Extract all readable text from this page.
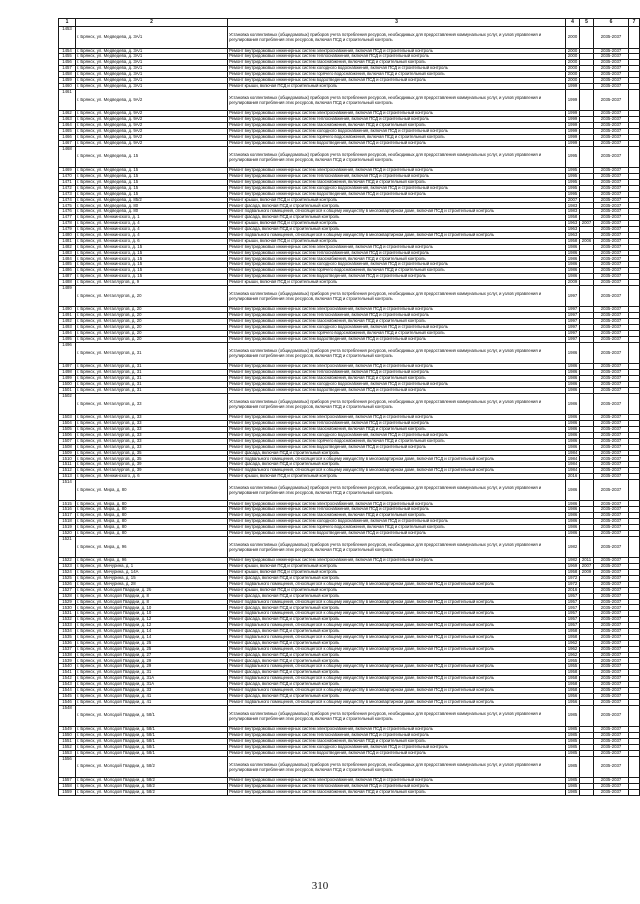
1	2	3	4	5	6	7
1453	г. Брянск, ул. Медведева, д. 3А/1	Установка коллективных (общедомовых) приборов учета потребления ресурсов, необходимых для предоставления коммунальных услуг, и узлов управления и регулирования потребления этих ресурсов, включая ПСД и строительный контроль	2000		2035-2037	
1454	г. Брянск, ул. Медведева, д. 3А/1	Ремонт внутридомовых инженерных систем электроснабжения, включая ПСД и строительный контроль	2000		2035-2037	
1455	г. Брянск, ул. Медведева, д. 3А/1	Ремонт внутридомовых инженерных систем теплоснабжения, включая ПСД и строительный контроль	2000		2035-2037	
1456	г. Брянск, ул. Медведева, д. 3А/1	Ремонт внутридомовых инженерных систем газоснабжения, включая ПСД и строительный контроль	2000		2035-2037	
1457	г. Брянск, ул. Медведева, д. 3А/1	Ремонт внутридомовых инженерных систем холодного водоснабжения, включая ПСД и строительный контроль	2000		2035-2037	
1458	г. Брянск, ул. Медведева, д. 3А/1	Ремонт внутридомовых инженерных систем горячего водоснабжения, включая ПСД и строительный контроль	2000		2035-2037	
1459	г. Брянск, ул. Медведева, д. 3А/1	Ремонт внутридомовых инженерных систем водоотведения, включая ПСД и строительный контроль	2000		2035-2037	
1460	г. Брянск, ул. Медведева, д. 3А/1	Ремонт крыши, включая ПСД и строительный контроль	1999		2035-2037	
1461	г. Брянск, ул. Медведева, д. 9А/2	Установка коллективных (общедомовых) приборов учета потребления ресурсов, необходимых для предоставления коммунальных услуг, и узлов управления и регулирования потребления этих ресурсов, включая ПСД и строительный контроль	1999		2035-2037	
1462	г. Брянск, ул. Медведева, д. 9А/2	Ремонт внутридомовых инженерных систем электроснабжения, включая ПСД и строительный контроль	1999		2035-2037	
1463	г. Брянск, ул. Медведева, д. 9А/2	Ремонт внутридомовых инженерных систем теплоснабжения, включая ПСД и строительный контроль	1999		2035-2037	
1464	г. Брянск, ул. Медведева, д. 9А/2	Ремонт внутридомовых инженерных систем газоснабжения, включая ПСД и строительный контроль	1999		2035-2037	
1465	г. Брянск, ул. Медведева, д. 9А/2	Ремонт внутридомовых инженерных систем холодного водоснабжения, включая ПСД и строительный контроль	1999		2035-2037	
1466	г. Брянск, ул. Медведева, д. 9А/2	Ремонт внутридомовых инженерных систем горячего водоснабжения, включая ПСД и строительный контроль	1999		2035-2037	
1467	г. Брянск, ул. Медведева, д. 9А/2	Ремонт внутридомовых инженерных систем водоотведения, включая ПСД и строительный контроль	1999		2035-2037	
1468	г. Брянск, ул. Медведева, д. 15	Установка коллективных (общедомовых) приборов учета потребления ресурсов, необходимых для предоставления коммунальных услуг, и узлов управления и регулирования потребления этих ресурсов, включая ПСД и строительный контроль	1995		2035-2037	
1469	г. Брянск, ул. Медведева, д. 15	Ремонт внутридомовых инженерных систем электроснабжения, включая ПСД и строительный контроль	1995		2035-2037	
1470	г. Брянск, ул. Медведева, д. 15	Ремонт внутридомовых инженерных систем теплоснабжения, включая ПСД и строительный контроль	1995		2035-2037	
1471	г. Брянск, ул. Медведева, д. 15	Ремонт внутридомовых инженерных систем газоснабжения, включая ПСД и строительный контроль	1995		2035-2037	
1472	г. Брянск, ул. Медведева, д. 15	Ремонт внутридомовых инженерных систем холодного водоснабжения, включая ПСД и строительный контроль	1995		2035-2037	
1473	г. Брянск, ул. Медведева, д. 15	Ремонт внутридомовых инженерных систем водоотведения, включая ПСД и строительный контроль	1995		2035-2037	
1474	г. Брянск, ул. Медведева, д. 85/2	Ремонт крыши, включая ПСД и строительный контроль	2007		2035-2037	
1475	г. Брянск, ул. Медведева, д. 80	Ремонт фасада, включая ПСД и строительный контроль	1983		2035-2037	
1476	г. Брянск, ул. Медведева, д. 80	Ремонт подвального помещения, относящегося к общему имуществу в многоквартирном доме, включая ПСД и строительный контроль	1983		2035-2037	
1477	г. Брянск, ул. Менжинского, д. 1	Ремонт фасада, включая ПСД и строительный контроль	1958		2035-2037	
1478	г. Брянск, ул. Менжинского, д. 4	Ремонт крыши, включая ПСД и строительный контроль	1963	2007	2035-2037	
1479	г. Брянск, ул. Менжинского, д. 4	Ремонт фасада, включая ПСД и строительный контроль	1963		2035-2037	
1480	г. Брянск, ул. Менжинского, д. 4	Ремонт подвального помещения, относящегося к общему имуществу в многоквартирном доме, включая ПСД и строительный контроль	1963		2035-2037	
1481	г. Брянск, ул. Менжинского, д. 6	Ремонт крыши, включая ПСД и строительный контроль	1958	2006	2035-2037	
1482	г. Брянск, ул. Менжинского, д. 15	Ремонт внутридомовых инженерных систем электроснабжения, включая ПСД и строительный контроль	1986		2035-2037	
1483	г. Брянск, ул. Менжинского, д. 15	Ремонт внутридомовых инженерных систем теплоснабжения, включая ПСД и строительный контроль	1986		2035-2037	
1484	г. Брянск, ул. Менжинского, д. 15	Ремонт внутридомовых инженерных систем газоснабжения, включая ПСД и строительный контроль	1986		2035-2037	
1485	г. Брянск, ул. Менжинского, д. 15	Ремонт внутридомовых инженерных систем холодного водоснабжения, включая ПСД и строительный контроль	1986		2035-2037	
1486	г. Брянск, ул. Менжинского, д. 15	Ремонт внутридомовых инженерных систем горячего водоснабжения, включая ПСД и строительный контроль	1986		2035-2037	
1487	г. Брянск, ул. Менжинского, д. 15	Ремонт внутридомовых инженерных систем водоотведения, включая ПСД и строительный контроль	1986		2035-2037	
1488	г. Брянск, ул. Металлургов, д. 9	Ремонт крыши, включая ПСД и строительный контроль	2009		2035-2037	
1489	г. Брянск, ул. Металлургов, д. 20	Установка коллективных (общедомовых) приборов учета потребления ресурсов, необходимых для предоставления коммунальных услуг, и узлов управления и регулирования потребления этих ресурсов, включая ПСД и строительный контроль	1997		2035-2037	
1490	г. Брянск, ул. Металлургов, д. 20	Ремонт внутридомовых инженерных систем электроснабжения, включая ПСД и строительный контроль	1997		2035-2037	
1491	г. Брянск, ул. Металлургов, д. 20	Ремонт внутридомовых инженерных систем теплоснабжения, включая ПСД и строительный контроль	1997		2035-2037	
1492	г. Брянск, ул. Металлургов, д. 20	Ремонт внутридомовых инженерных систем газоснабжения, включая ПСД и строительный контроль	1997		2035-2037	
1493	г. Брянск, ул. Металлургов, д. 20	Ремонт внутридомовых инженерных систем холодного водоснабжения, включая ПСД и строительный контроль	1997		2035-2037	
1494	г. Брянск, ул. Металлургов, д. 20	Ремонт внутридомовых инженерных систем горячего водоснабжения, включая ПСД и строительный контроль	1997		2035-2037	
1495	г. Брянск, ул. Металлургов, д. 20	Ремонт внутридомовых инженерных систем водоотведения, включая ПСД и строительный контроль	1997		2035-2037	
1496	г. Брянск, ул. Металлургов, д. 31	Установка коллективных (общедомовых) приборов учета потребления ресурсов, необходимых для предоставления коммунальных услуг, и узлов управления и регулирования потребления этих ресурсов, включая ПСД и строительный контроль	1986		2035-2037	
1497	г. Брянск, ул. Металлургов, д. 31	Ремонт внутридомовых инженерных систем электроснабжения, включая ПСД и строительный контроль	1986		2035-2037	
1498	г. Брянск, ул. Металлургов, д. 31	Ремонт внутридомовых инженерных систем теплоснабжения, включая ПСД и строительный контроль	1986		2035-2037	
1499	г. Брянск, ул. Металлургов, д. 31	Ремонт внутридомовых инженерных систем газоснабжения, включая ПСД и строительный контроль	1986		2035-2037	
1500	г. Брянск, ул. Металлургов, д. 31	Ремонт внутридомовых инженерных систем холодного водоснабжения, включая ПСД и строительный контроль	1986		2035-2037	
1501	г. Брянск, ул. Металлургов, д. 31	Ремонт внутридомовых инженерных систем водоотведения, включая ПСД и строительный контроль	1986		2035-2037	
1502	г. Брянск, ул. Металлургов, д. 33	Установка коллективных (общедомовых) приборов учета потребления ресурсов, необходимых для предоставления коммунальных услуг, и узлов управления и регулирования потребления этих ресурсов, включая ПСД и строительный контроль	1986		2035-2037	
1503	г. Брянск, ул. Металлургов, д. 33	Ремонт внутридомовых инженерных систем электроснабжения, включая ПСД и строительный контроль	1986		2035-2037	
1504	г. Брянск, ул. Металлургов, д. 33	Ремонт внутридомовых инженерных систем теплоснабжения, включая ПСД и строительный контроль	1986		2035-2037	
1505	г. Брянск, ул. Металлургов, д. 33	Ремонт внутридомовых инженерных систем газоснабжения, включая ПСД и строительный контроль	1986		2035-2037	
1506	г. Брянск, ул. Металлургов, д. 33	Ремонт внутридомовых инженерных систем холодного водоснабжения, включая ПСД и строительный контроль	1986		2035-2037	
1507	г. Брянск, ул. Металлургов, д. 33	Ремонт внутридомовых инженерных систем горячего водоснабжения, включая ПСД и строительный контроль	1986		2035-2037	
1508	г. Брянск, ул. Металлургов, д. 33	Ремонт внутридомовых инженерных систем водоотведения, включая ПСД и строительный контроль	1986		2035-2037	
1509	г. Брянск, ул. Металлургов, д. 35	Ремонт фасада, включая ПСД и строительный контроль	1984		2035-2037	
1510	г. Брянск, ул. Металлургов, д. 35	Ремонт подвального помещения, относящегося к общему имуществу в многоквартирном доме, включая ПСД и строительный контроль	1984		2035-2037	
1511	г. Брянск, ул. Металлургов, д. 39	Ремонт фасада, включая ПСД и строительный контроль	1984		2035-2037	
1512	г. Брянск, ул. Металлургов, д. 39	Ремонт подвального помещения, относящегося к общему имуществу в многоквартирном доме, включая ПСД и строительный контроль	1984		2035-2037	
1513	г. Брянск, ул. Менжинского, д. 6	Ремонт крыши, включая ПСД и строительный контроль	2016		2035-2037	
1514	г. Брянск, ул. Мира, д. 80	Установка коллективных (общедомовых) приборов учета потребления ресурсов, необходимых для предоставления коммунальных услуг, и узлов управления и регулирования потребления этих ресурсов, включая ПСД и строительный контроль	1986		2035-2037	
1515	г. Брянск, ул. Мира, д. 80	Ремонт внутридомовых инженерных систем электроснабжения, включая ПСД и строительный контроль	1986		2035-2037	
1516	г. Брянск, ул. Мира, д. 80	Ремонт внутридомовых инженерных систем теплоснабжения, включая ПСД и строительный контроль	1986		2035-2037	
1517	г. Брянск, ул. Мира, д. 80	Ремонт внутридомовых инженерных систем газоснабжения, включая ПСД и строительный контроль	1986		2035-2037	
1518	г. Брянск, ул. Мира, д. 80	Ремонт внутридомовых инженерных систем холодного водоснабжения, включая ПСД и строительный контроль	1986		2035-2037	
1519	г. Брянск, ул. Мира, д. 80	Ремонт внутридомовых инженерных систем горячего водоснабжения, включая ПСД и строительный контроль	1986		2035-2037	
1520	г. Брянск, ул. Мира, д. 80	Ремонт внутридомовых инженерных систем водоотведения, включая ПСД и строительный контроль	1986		2035-2037	
1521	г. Брянск, ул. Мира, д. 96	Установка коллективных (общедомовых) приборов учета потребления ресурсов, необходимых для предоставления коммунальных услуг, и узлов управления и регулирования потребления этих ресурсов, включая ПСД и строительный контроль	1982		2035-2037	
1522	г. Брянск, ул. Мира, д. 96	Ремонт внутридомовых инженерных систем электроснабжения, включая ПСД и строительный контроль	1982	2011	2035-2037	
1523	г. Брянск, ул. Мичурина, д. 1	Ремонт крыши, включая ПСД и строительный контроль	1969	2007	2035-2037	
1524	г. Брянск, ул. Мичурина, д. 14А	Ремонт крыши, включая ПСД и строительный контроль	1958	2009	2035-2037	
1525	г. Брянск, ул. Мичурина, д. 15	Ремонт фасада, включая ПСД и строительный контроль	1972		2035-2037	
1526	г. Брянск, ул. Мичурина, д. 28	Ремонт подвального помещения, относящегося к общему имуществу в многоквартирном доме, включая ПСД и строительный контроль	1972		2035-2037	
1527	г. Брянск, ул. Молодой Гвардии, д. 2б	Ремонт крыши, включая ПСД и строительный контроль	2016		2035-2037	
1528	г. Брянск, ул. Молодой Гвардии, д. 8	Ремонт фасада, включая ПСД и строительный контроль	1957		2035-2037	
1529	г. Брянск, ул. Молодой Гвардии, д. 8	Ремонт подвального помещения, относящегося к общему имуществу в многоквартирном доме, включая ПСД и строительный контроль	1957		2035-2037	
1530	г. Брянск, ул. Молодой Гвардии, д. 10	Ремонт фасада, включая ПСД и строительный контроль	1957		2035-2037	
1531	г. Брянск, ул. Молодой Гвардии, д. 10	Ремонт подвального помещения, относящегося к общему имуществу в многоквартирном доме, включая ПСД и строительный контроль	1957		2035-2037	
1532	г. Брянск, ул. Молодой Гвардии, д. 12	Ремонт фасада, включая ПСД и строительный контроль	1957		2035-2037	
1533	г. Брянск, ул. Молодой Гвардии, д. 12	Ремонт подвального помещения, относящегося к общему имуществу в многоквартирном доме, включая ПСД и строительный контроль	1957		2035-2037	
1534	г. Брянск, ул. Молодой Гвардии, д. 14	Ремонт фасада, включая ПСД и строительный контроль	1958		2035-2037	
1535	г. Брянск, ул. Молодой Гвардии, д. 14	Ремонт подвального помещения, относящегося к общему имуществу в многоквартирном доме, включая ПСД и строительный контроль	1958		2035-2037	
1536	г. Брянск, ул. Молодой Гвардии, д. 25	Ремонт фасада, включая ПСД и строительный контроль	1962		2035-2037	
1537	г. Брянск, ул. Молодой Гвардии, д. 25	Ремонт подвального помещения, относящегося к общему имуществу в многоквартирном доме, включая ПСД и строительный контроль	1962		2035-2037	
1538	г. Брянск, ул. Молодой Гвардии, д. 27	Ремонт фасада, включая ПСД и строительный контроль	1962		2035-2037	
1539	г. Брянск, ул. Молодой Гвардии, д. 29	Ремонт фасада, включая ПСД и строительный контроль	1955		2035-2037	
1540	г. Брянск, ул. Молодой Гвардии, д. 29	Ремонт подвального помещения, относящегося к общему имуществу в многоквартирном доме, включая ПСД и строительный контроль	1955		2035-2037	
1541	г. Брянск, ул. Молодой Гвардии, д. 31	Ремонт фасада, включая ПСД и строительный контроль	1958		2035-2037	
1542	г. Брянск, ул. Молодой Гвардии, д. 31А	Ремонт подвального помещения, относящегося к общему имуществу в многоквартирном доме, включая ПСД и строительный контроль	1958		2035-2037	
1543	г. Брянск, ул. Молодой Гвардии, д. 31А	Ремонт фасада, включая ПСД и строительный контроль	1958		2035-2037	
1544	г. Брянск, ул. Молодой Гвардии, д. 33	Ремонт подвального помещения, относящегося к общему имуществу в многоквартирном доме, включая ПСД и строительный контроль	1958		2035-2037	
1545	г. Брянск, ул. Молодой Гвардии, д. 41	Ремонт фасада, включая ПСД и строительный контроль	1956		2035-2037	
1546	г. Брянск, ул. Молодой Гвардии, д. 41	Ремонт подвального помещения, относящегося к общему имуществу в многоквартирном доме, включая ПСД и строительный контроль	1956		2035-2037	
1548	г. Брянск, ул. Молодой Гвардии, д. 58/1	Установка коллективных (общедомовых) приборов учета потребления ресурсов, необходимых для предоставления коммунальных услуг, и узлов управления и регулирования потребления этих ресурсов, включая ПСД и строительный контроль	1985		2035-2037	
1549	г. Брянск, ул. Молодой Гвардии, д. 58/1	Ремонт внутридомовых инженерных систем электроснабжения, включая ПСД и строительный контроль	1985		2035-2037	
1550	г. Брянск, ул. Молодой Гвардии, д. 58/1	Ремонт внутридомовых инженерных систем теплоснабжения, включая ПСД и строительный контроль	1985		2035-2037	
1551	г. Брянск, ул. Молодой Гвардии, д. 58/1	Ремонт внутридомовых инженерных систем газоснабжения, включая ПСД и строительный контроль	1985		2035-2037	
1552	г. Брянск, ул. Молодой Гвардии, д. 58/1	Ремонт внутридомовых инженерных систем холодного водоснабжения, включая ПСД и строительный контроль	1985		2035-2037	
1553	г. Брянск, ул. Молодой Гвардии, д. 58/1	Ремонт внутридомовых инженерных систем водоотведения, включая ПСД и строительный контроль	1985		2035-2037	
1556	г. Брянск, ул. Молодой Гвардии, д. 58/2	Установка коллективных (общедомовых) приборов учета потребления ресурсов, необходимых для предоставления коммунальных услуг, и узлов управления и регулирования потребления этих ресурсов, включая ПСД и строительный контроль	1985		2035-2037	
1557	г. Брянск, ул. Молодой Гвардии, д. 58/2	Ремонт внутридомовых инженерных систем электроснабжения, включая ПСД и строительный контроль	1985		2035-2037	
1558	г. Брянск, ул. Молодой Гвардии, д. 58/2	Ремонт внутридомовых инженерных систем теплоснабжения, включая ПСД и строительный контроль	1985		2035-2037	
1559	г. Брянск, ул. Молодой Гвардии, д. 58/2	Ремонт внутридомовых инженерных систем газоснабжения, включая ПСД и строительный контроль	1985		2035-2037	
310
